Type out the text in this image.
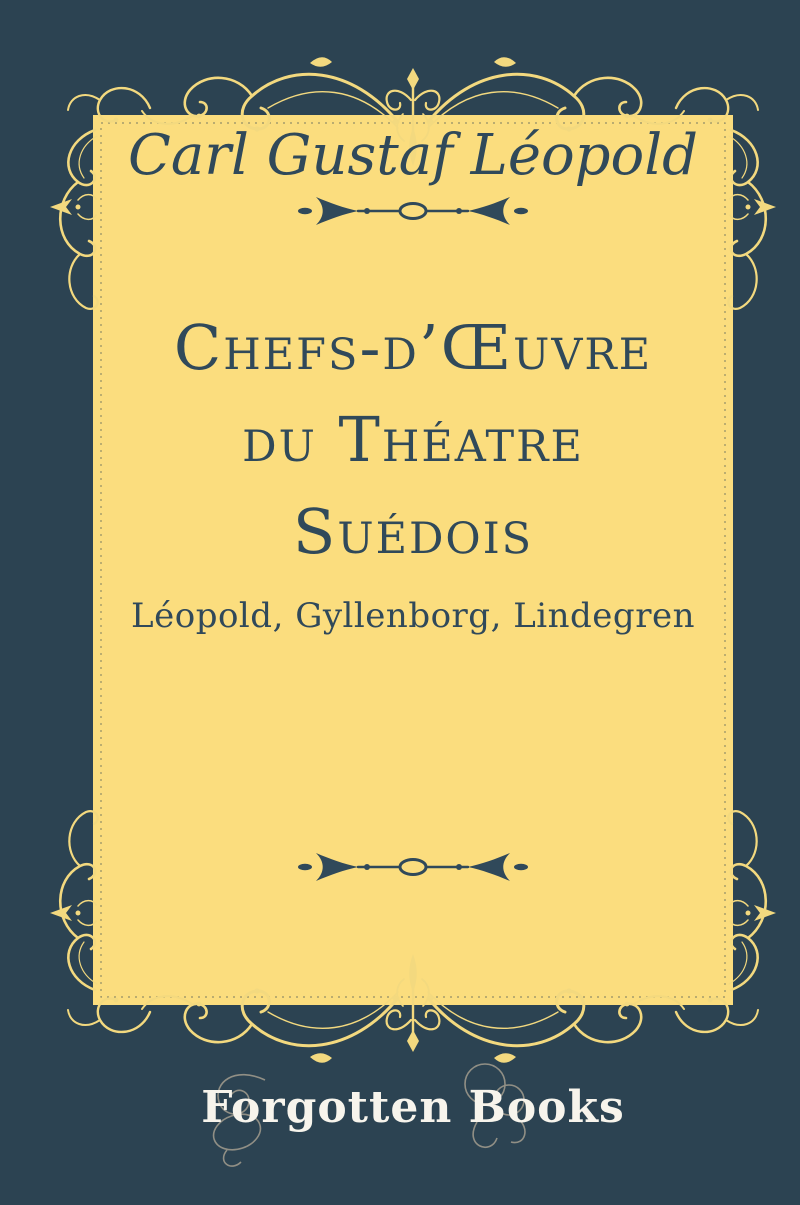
Carl Gustaf Léopold
Chefs-d’Œuvre
du Théatre
Suédois
Léopold, Gyllenborg, Lindegren
Forgotten Books
